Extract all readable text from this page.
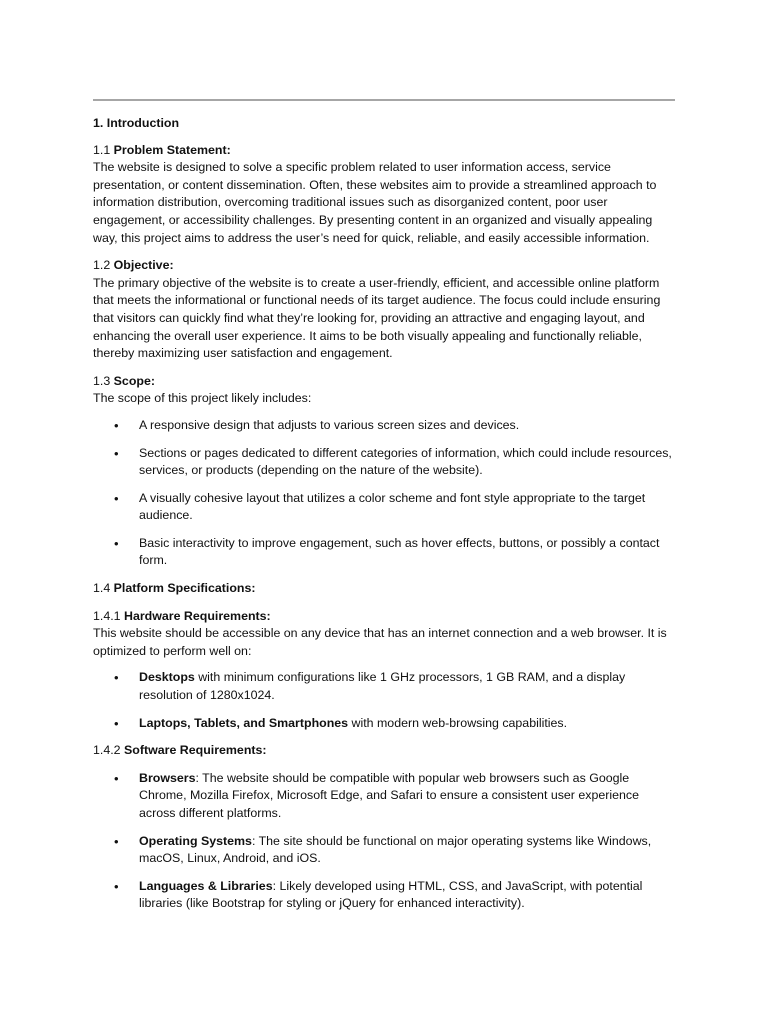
1. Introduction
1.1 Problem Statement:

The website is designed to solve a specific problem related to user information access, service presentation, or content dissemination. Often, these websites aim to provide a streamlined approach to information distribution, overcoming traditional issues such as disorganized content, poor user engagement, or accessibility challenges. By presenting content in an organized and visually appealing way, this project aims to address the user’s need for quick, reliable, and easily accessible information.

1.2 Objective:

The primary objective of the website is to create a user-friendly, efficient, and accessible online platform that meets the informational or functional needs of its target audience. The focus could include ensuring that visitors can quickly find what they’re looking for, providing an attractive and engaging layout, and enhancing the overall user experience. It aims to be both visually appealing and functionally reliable, thereby maximizing user satisfaction and engagement.

1.3 Scope:

The scope of this project likely includes:

• A responsive design that adjusts to various screen sizes and devices.
• Sections or pages dedicated to different categories of information, which could include resources, services, or products (depending on the nature of the website).
• A visually cohesive layout that utilizes a color scheme and font style appropriate to the target audience.
• Basic interactivity to improve engagement, such as hover effects, buttons, or possibly a contact form.
1.4 Platform Specifications:
1.4.1 Hardware Requirements:

This website should be accessible on any device that has an internet connection and a web browser. It is optimized to perform well on:

• Desktops with minimum configurations like 1 GHz processors, 1 GB RAM, and a display resolution of 1280x1024.
• Laptops, Tablets, and Smartphones with modern web-browsing capabilities.
1.4.2 Software Requirements:
• Browsers: The website should be compatible with popular web browsers such as Google Chrome, Mozilla Firefox, Microsoft Edge, and Safari to ensure a consistent user experience across different platforms.
• Operating Systems: The site should be functional on major operating systems like Windows, macOS, Linux, Android, and iOS.
• Languages & Libraries: Likely developed using HTML, CSS, and JavaScript, with potential libraries (like Bootstrap for styling or jQuery for enhanced interactivity).
